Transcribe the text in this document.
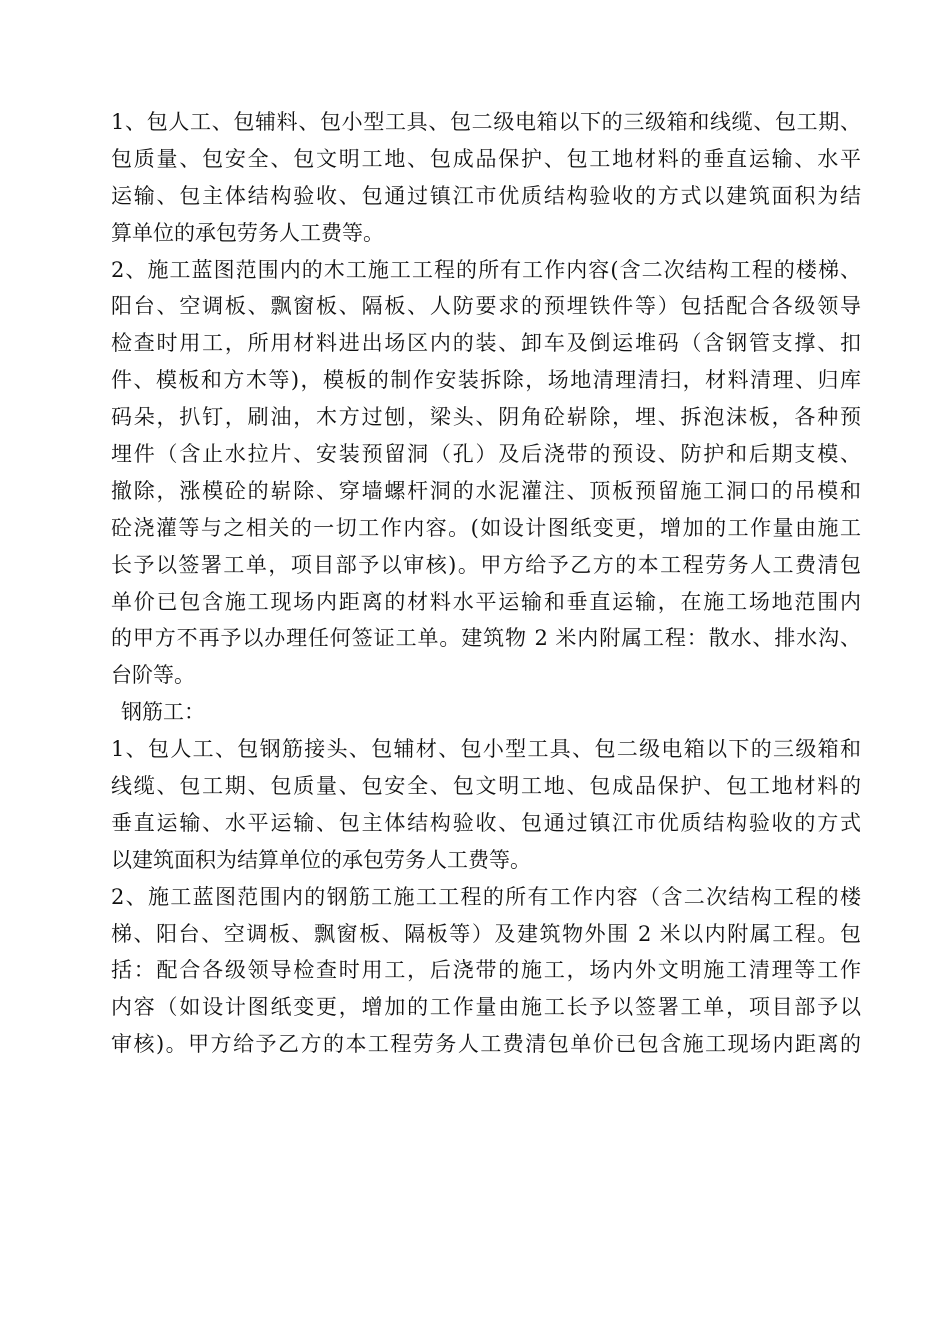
1、包人工、包辅料、包小型工具、包二级电箱以下的三级箱和线缆、包工期、
包质量、包安全、包文明工地、包成品保护、包工地材料的垂直运输、水平
运输、包主体结构验收、包通过镇江市优质结构验收的方式以建筑面积为结
算单位的承包劳务人工费等。
2、施工蓝图范围内的木工施工工程的所有工作内容(含二次结构工程的楼梯、
阳台、空调板、飘窗板、隔板、人防要求的预埋铁件等）包括配合各级领导
检查时用工，所用材料进出场区内的装、卸车及倒运堆码（含钢管支撑、扣
件、模板和方木等)，模板的制作安装拆除，场地清理清扫，材料清理、归库
码朵，扒钉，刷油，木方过刨，梁头、阴角砼崭除，埋、拆泡沫板，各种预
埋件（含止水拉片、安装预留洞（孔）及后浇带的预设、防护和后期支模、
撤除，涨模砼的崭除、穿墙螺杆洞的水泥灌注、顶板预留施工洞口的吊模和
砼浇灌等与之相关的一切工作内容。(如设计图纸变更，增加的工作量由施工
长予以签署工单，项目部予以审核)。甲方给予乙方的本工程劳务人工费清包
单价已包含施工现场内距离的材料水平运输和垂直运输，在施工场地范围内
的甲方不再予以办理任何签证工单。建筑物 2 米内附属工程：散水、排水沟、
台阶等。
钢筋工：
1、包人工、包钢筋接头、包辅材、包小型工具、包二级电箱以下的三级箱和
线缆、包工期、包质量、包安全、包文明工地、包成品保护、包工地材料的
垂直运输、水平运输、包主体结构验收、包通过镇江市优质结构验收的方式
以建筑面积为结算单位的承包劳务人工费等。
2、施工蓝图范围内的钢筋工施工工程的所有工作内容（含二次结构工程的楼
梯、阳台、空调板、飘窗板、隔板等）及建筑物外围 2 米以内附属工程。包
括：配合各级领导检查时用工，后浇带的施工，场内外文明施工清理等工作
内容（如设计图纸变更，增加的工作量由施工长予以签署工单，项目部予以
审核)。甲方给予乙方的本工程劳务人工费清包单价已包含施工现场内距离的
